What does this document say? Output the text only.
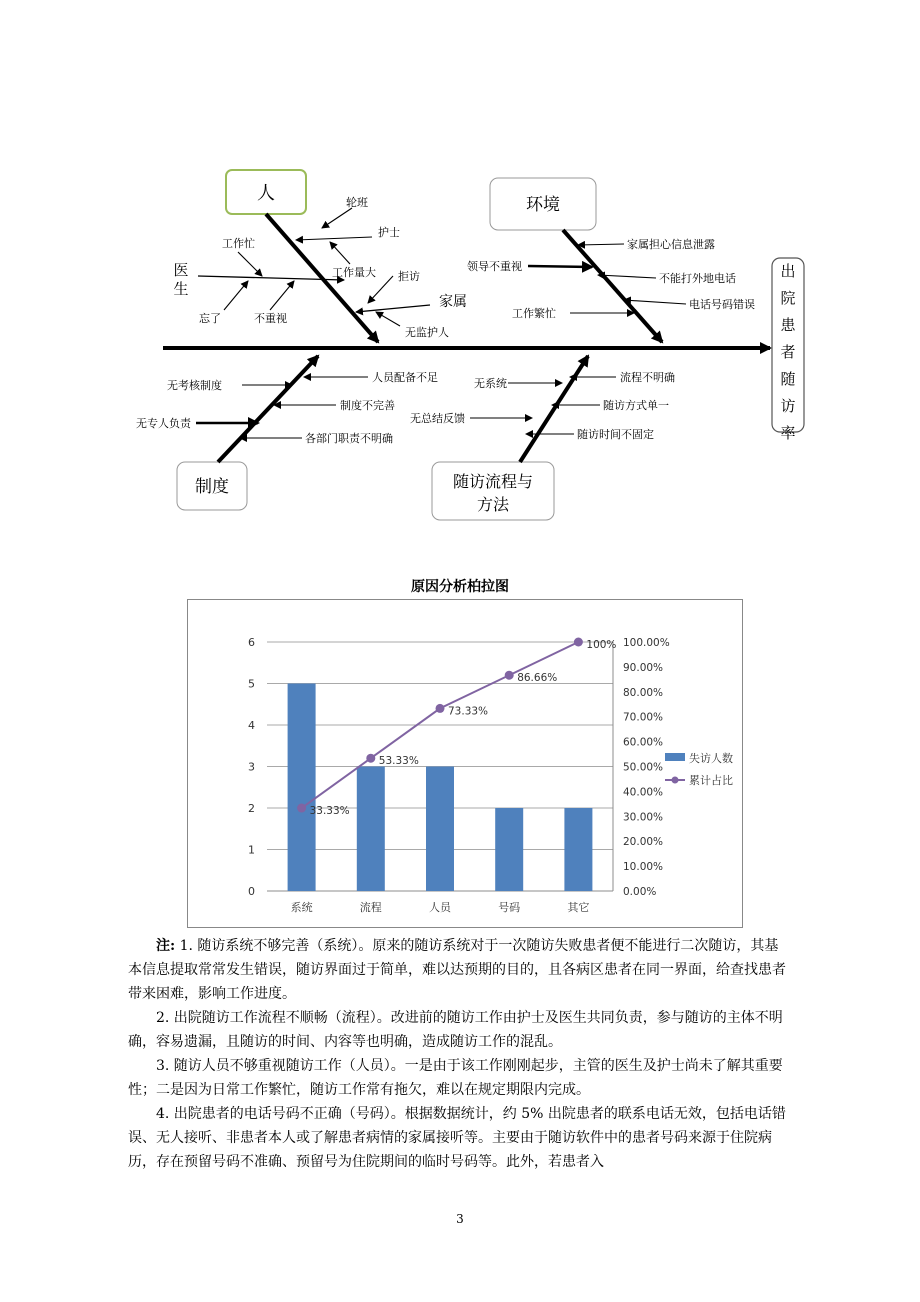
出院患者随访率
人
环境
制度	随访流程与方法
医生
家属
轮班
护士
工作忙
工作量大 拒访
忘了	不重视
无监护人
家属担心信息泄露
领导不重视
不能打外地电话
电话号码错误
工作繁忙
无考核制度
人员配备不足
制度不完善
无专人负责
各部门职责不明确
无系统	流程不明确
随访方式单一
无总结反馈
随访时间不固定
原因分析柏拉图
0
1
2
3
4
5
6
0.00%
10.00%
20.00%
30.00%
40.00%
50.00%
60.00%
70.00%
80.00%
90.00%
100.00%
系统	流程	人员	号码	其它
33.33%
53.33%
73.33%
86.66%
100%
失访人数
累计占比

注: 1. 随访系统不够完善（系统）。原来的随访系统对于一次随访失败患者便不能进行二次随访，其基本信息提取常常发生错误，随访界面过于简单，难以达预期的目的，且各病区患者在同一界面，给查找患者带来困难，影响工作进度。

2. 出院随访工作流程不顺畅（流程）。改进前的随访工作由护士及医生共同负责，参与随访的主体不明确，容易遗漏，且随访的时间、内容等也明确，造成随访工作的混乱。

3. 随访人员不够重视随访工作（人员）。一是由于该工作刚刚起步，主管的医生及护士尚未了解其重要性；二是因为日常工作繁忙，随访工作常有拖欠，难以在规定期限内完成。

4. 出院患者的电话号码不正确（号码）。根据数据统计，约 5% 出院患者的联系电话无效，包括电话错误、无人接听、非患者本人或了解患者病情的家属接听等。主要由于随访软件中的患者号码来源于住院病历，存在预留号码不准确、预留号为住院期间的临时号码等。此外，若患者入

3
